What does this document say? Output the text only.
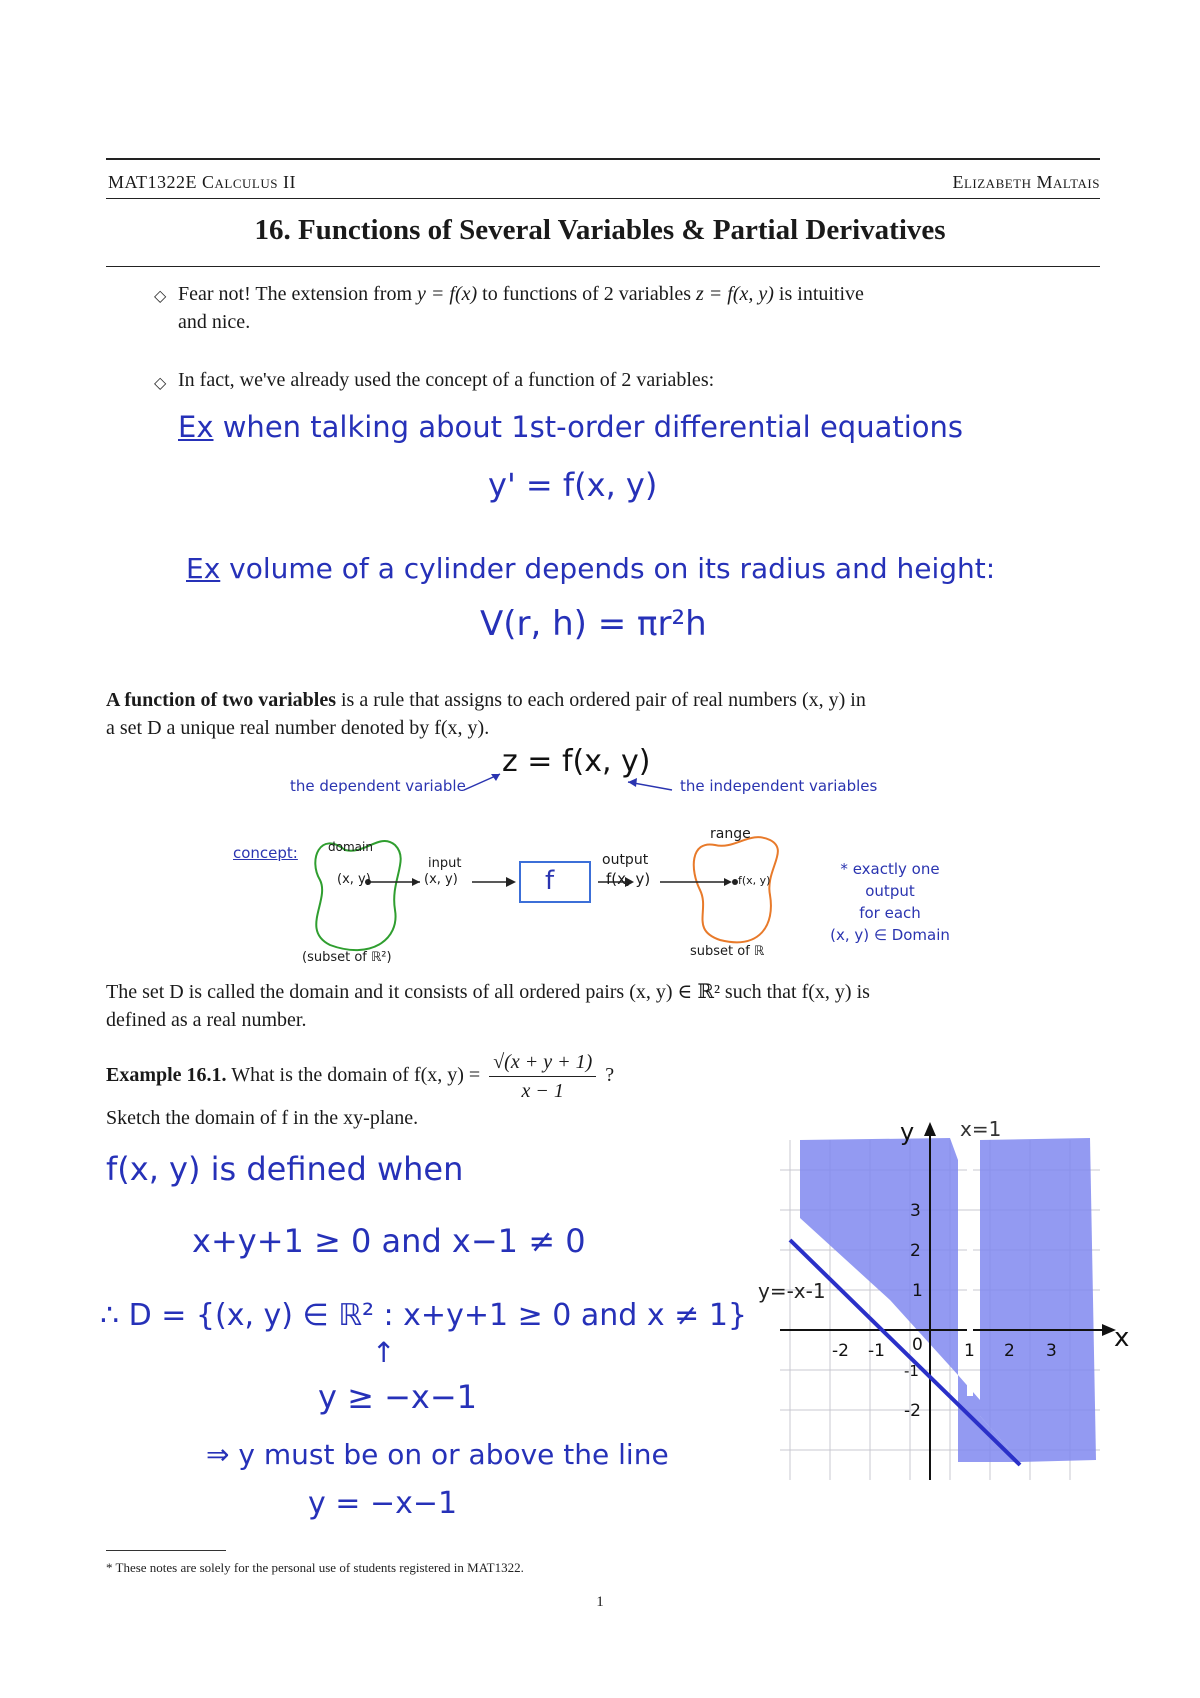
MAT1322E Calculus II	Elizabeth Maltais
16. Functions of Several Variables & Partial Derivatives
◇ Fear not! The extension from y = f(x) to functions of 2 variables z = f(x, y) is intuitive
and nice.
◇ In fact, we've already used the concept of a function of 2 variables:
Ex when talking about 1st-order differential equations
y' = f(x, y)
Ex volume of a cylinder depends on its radius and height:
V(r, h) = πr²h
A function of two variables is a rule that assigns to each ordered pair of real numbers (x, y) in
a set D a unique real number denoted by f(x, y).
z = f(x, y)
the dependent variable	the independent variables
concept:	domain
(x, y)
input
(x, y)	f
output
f(x, y)
range
f(x, y)
(subset of ℝ²)	subset of ℝ
* exactly one
output
for each
(x, y) ∈ Domain
The set D is called the domain and it consists of all ordered pairs (x, y) ∈ ℝ² such that f(x, y) is
defined as a real number.
Example 16.1. What is the domain of f(x, $y) = \frac{√(x + y + 1)}{x - 1}$ ?
Sketch the domain of f in the xy-plane.
f(x, y) is defined when
x+y+1 ≥ 0 and x−1 ≠ 0
∴ D = {(x, y) ∈ ℝ² : x+y+1 ≥ 0 and x ≠ 1}
↑
y ≥ −x−1
⇒ y must be on or above the line
y = −x−1
y
x
x=1
y=-x-1
-2 -1 0 1 2 3
3
2
1
-1
-2
* These notes are solely for the personal use of students registered in MAT1322.
1
